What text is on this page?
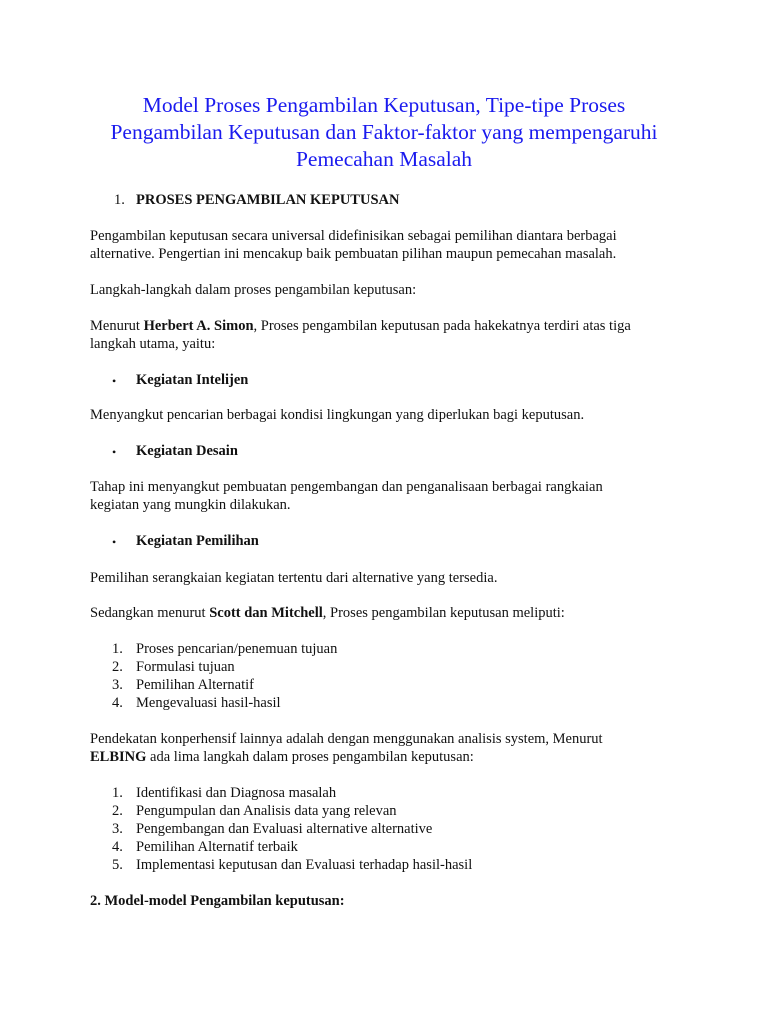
Model Proses Pengambilan Keputusan, Tipe-tipe Proses
Pengambilan Keputusan dan Faktor-faktor yang mempengaruhi
Pemecahan Masalah
1. PROSES PENGAMBILAN KEPUTUSAN
Pengambilan keputusan secara universal didefinisikan sebagai pemilihan diantara berbagai
alternative. Pengertian ini mencakup baik pembuatan pilihan maupun pemecahan masalah.
Langkah-langkah dalam proses pengambilan keputusan:
Menurut Herbert A. Simon, Proses pengambilan keputusan pada hakekatnya terdiri atas tiga
langkah utama, yaitu:
• Kegiatan Intelijen
Menyangkut pencarian berbagai kondisi lingkungan yang diperlukan bagi keputusan.
• Kegiatan Desain
Tahap ini menyangkut pembuatan pengembangan dan penganalisaan berbagai rangkaian
kegiatan yang mungkin dilakukan.
• Kegiatan Pemilihan
Pemilihan serangkaian kegiatan tertentu dari alternative yang tersedia.
Sedangkan menurut Scott dan Mitchell, Proses pengambilan keputusan meliputi:
1. Proses pencarian/penemuan tujuan
2. Formulasi tujuan
3. Pemilihan Alternatif
4. Mengevaluasi hasil-hasil
Pendekatan konperhensif lainnya adalah dengan menggunakan analisis system, Menurut
ELBING ada lima langkah dalam proses pengambilan keputusan:
1. Identifikasi dan Diagnosa masalah
2. Pengumpulan dan Analisis data yang relevan
3. Pengembangan dan Evaluasi alternative alternative
4. Pemilihan Alternatif terbaik
5. Implementasi keputusan dan Evaluasi terhadap hasil-hasil
2. Model-model Pengambilan keputusan:
